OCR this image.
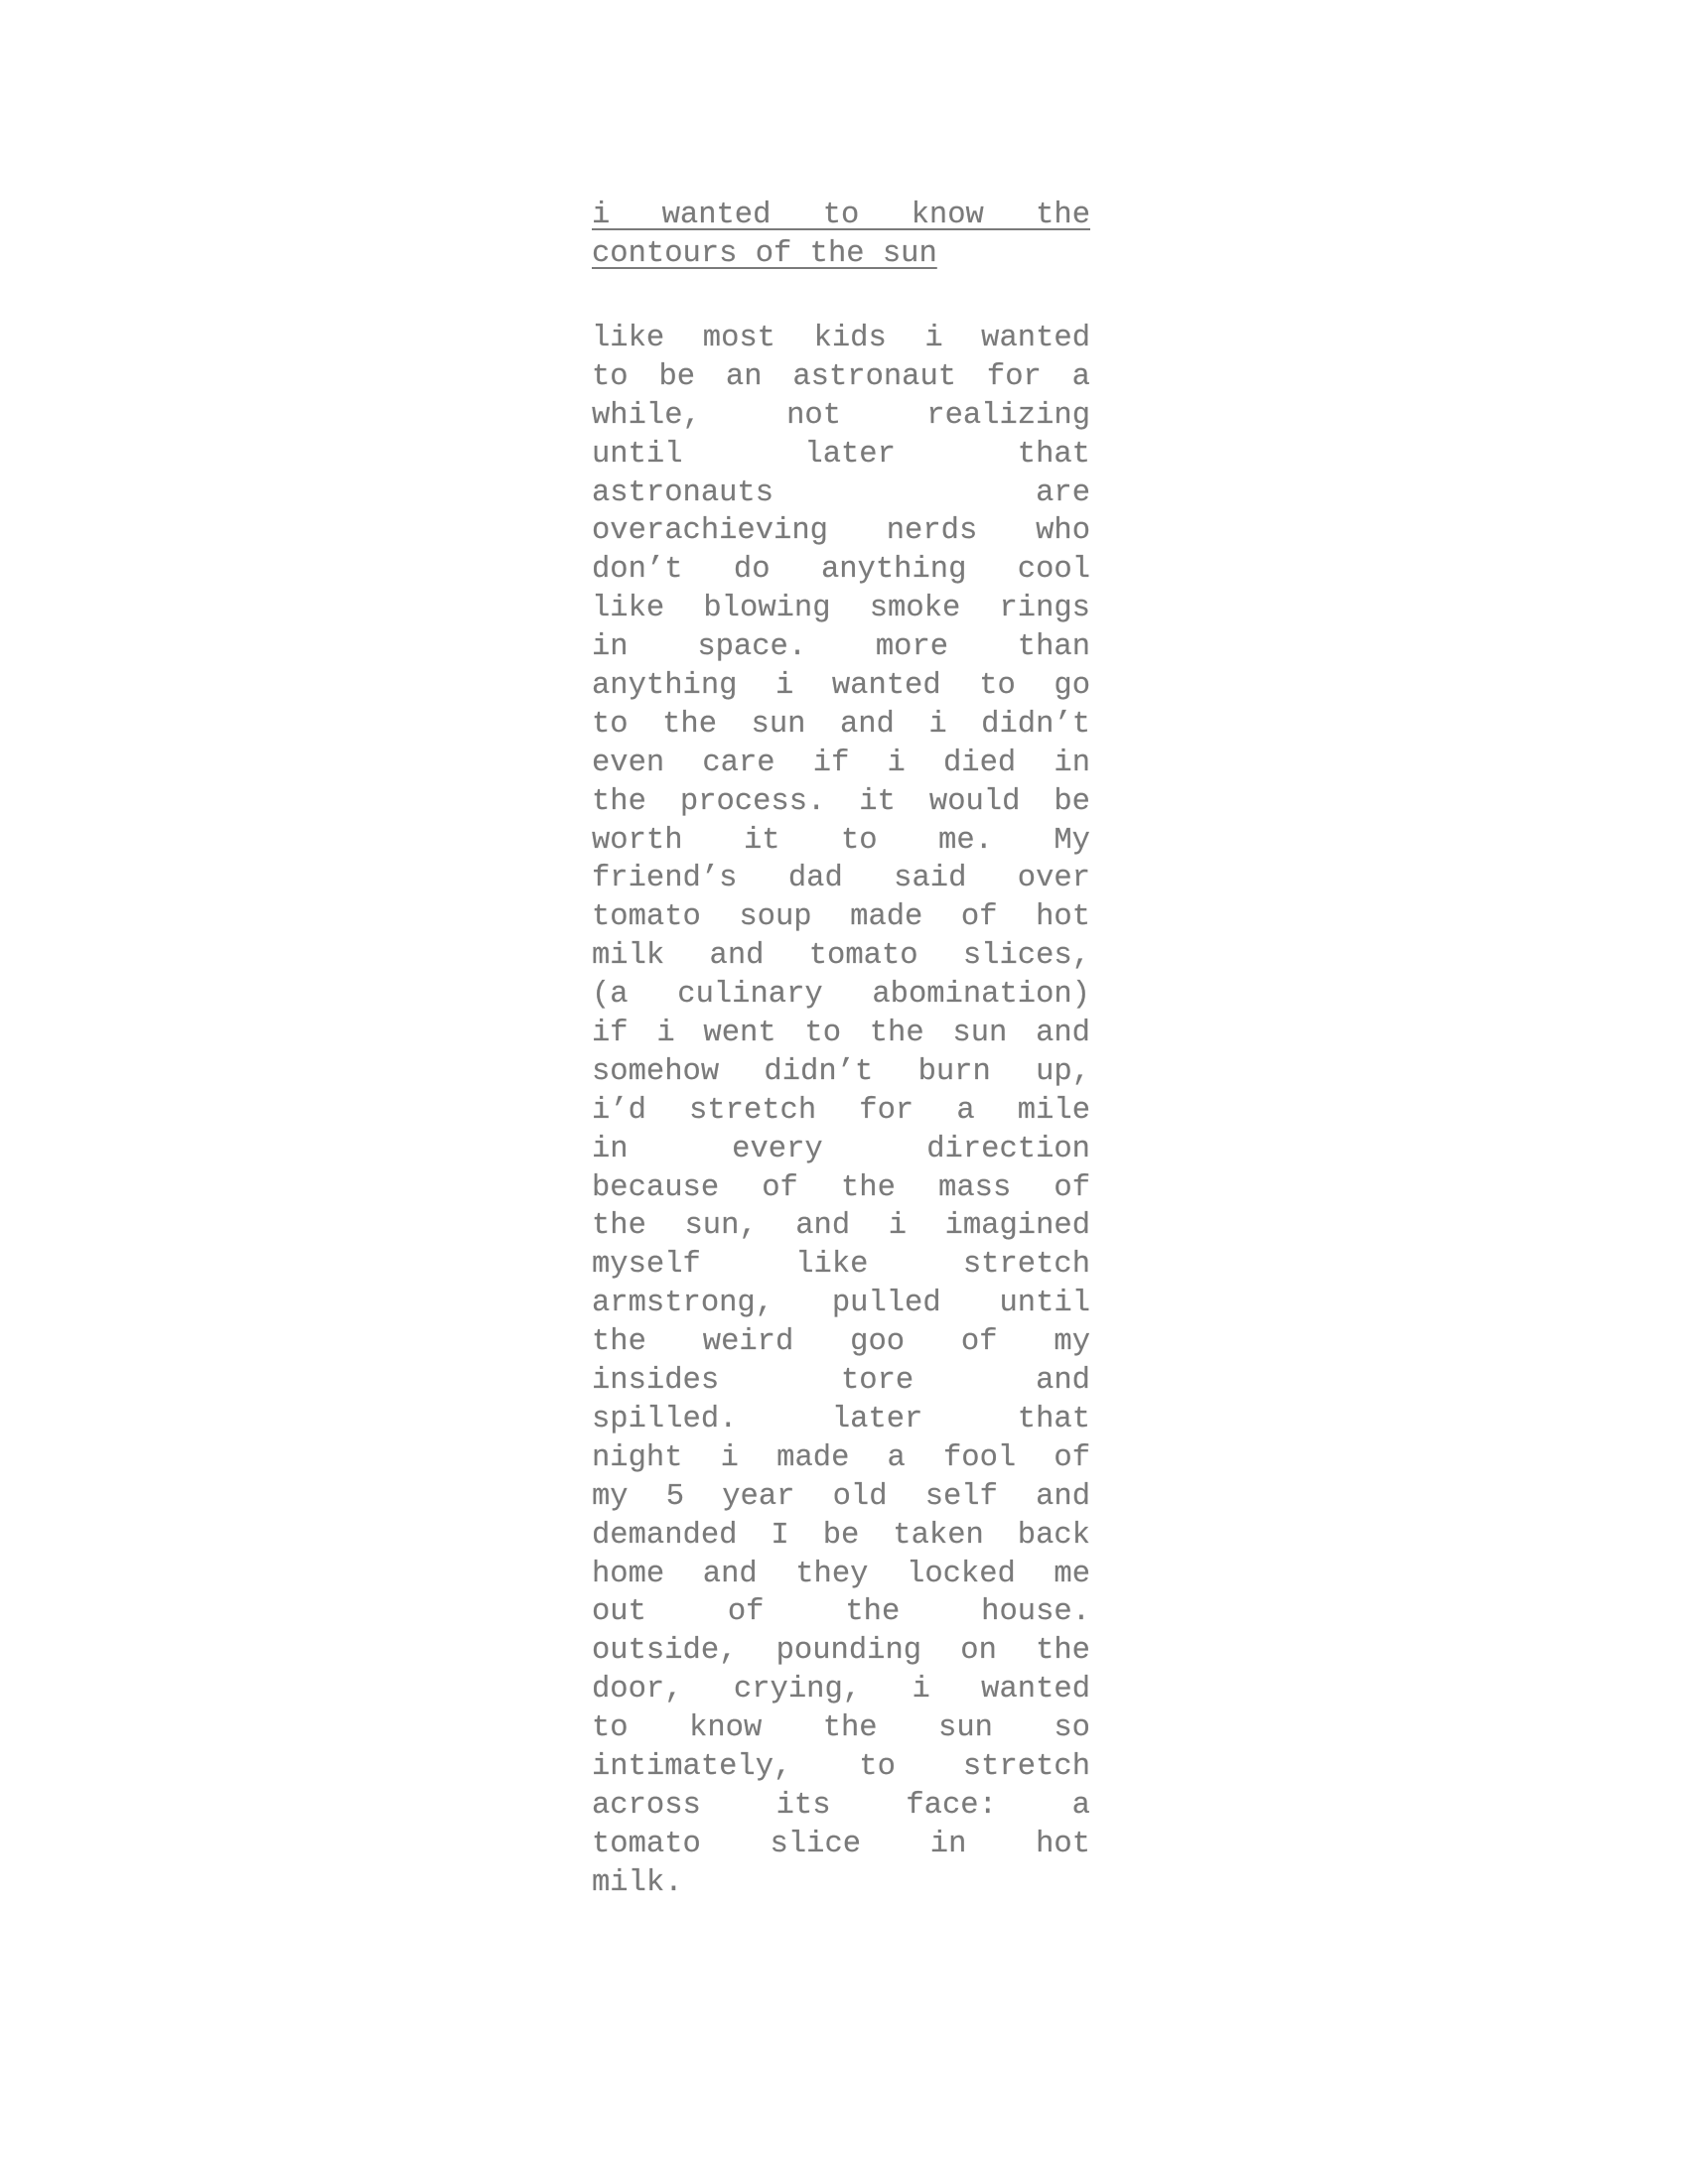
i wanted to know the
contours of the sun
like most kids i wanted
to be an astronaut for a
while, not realizing
until later that
astronauts are
overachieving nerds who
don’t do anything cool
like blowing smoke rings
in space. more than
anything i wanted to go
to the sun and i didn’t
even care if i died in
the process. it would be
worth it to me. My
friend’s dad said over
tomato soup made of hot
milk and tomato slices,
(a culinary abomination)
if i went to the sun and
somehow didn’t burn up,
i’d stretch for a mile
in every direction
because of the mass of
the sun, and i imagined
myself like stretch
armstrong, pulled until
the weird goo of my
insides tore and
spilled. later that
night i made a fool of
my 5 year old self and
demanded I be taken back
home and they locked me
out of the house.
outside, pounding on the
door, crying, i wanted
to know the sun so
intimately, to stretch
across its face: a
tomato slice in hot
milk.
